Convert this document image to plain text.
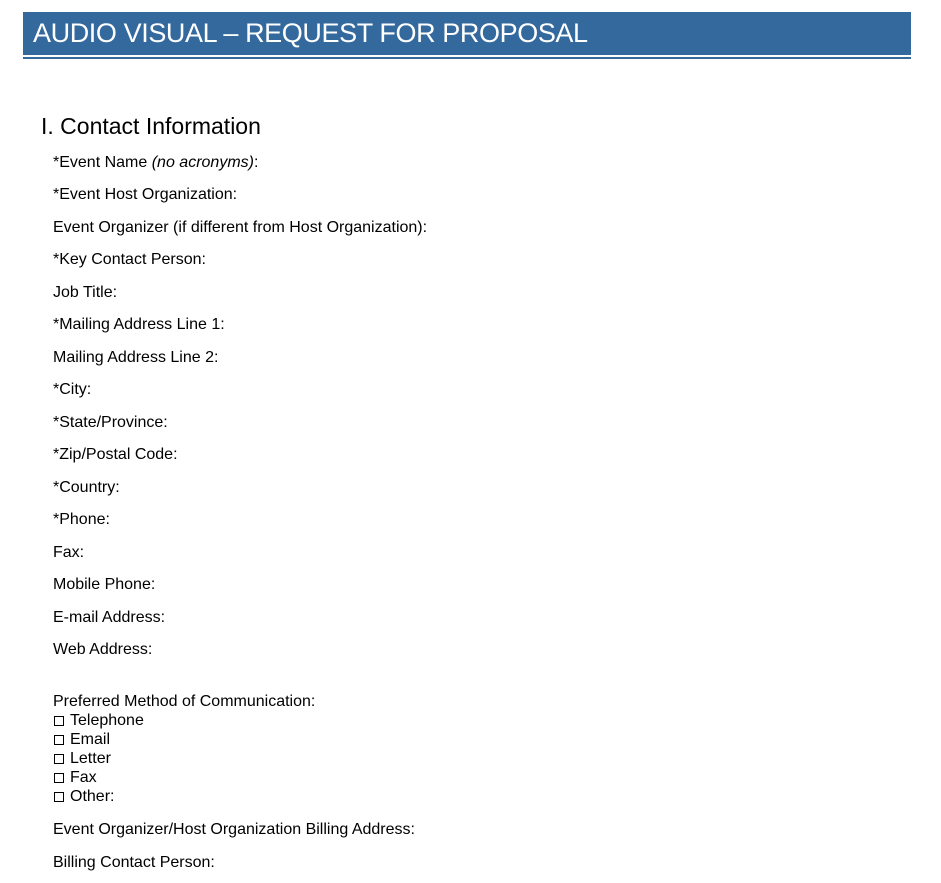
AUDIO VISUAL – REQUEST FOR PROPOSAL
I. Contact Information
*Event Name (no acronyms):
*Event Host Organization:
Event Organizer (if different from Host Organization):
*Key Contact Person:
Job Title:
*Mailing Address Line 1:
Mailing Address Line 2:
*City:
*State/Province:
*Zip/Postal Code:
*Country:
*Phone:
Fax:
Mobile Phone:
E-mail Address:
Web Address:
Preferred Method of Communication:
Telephone
Email
Letter
Fax
Other:
Event Organizer/Host Organization Billing Address:
Billing Contact Person:
